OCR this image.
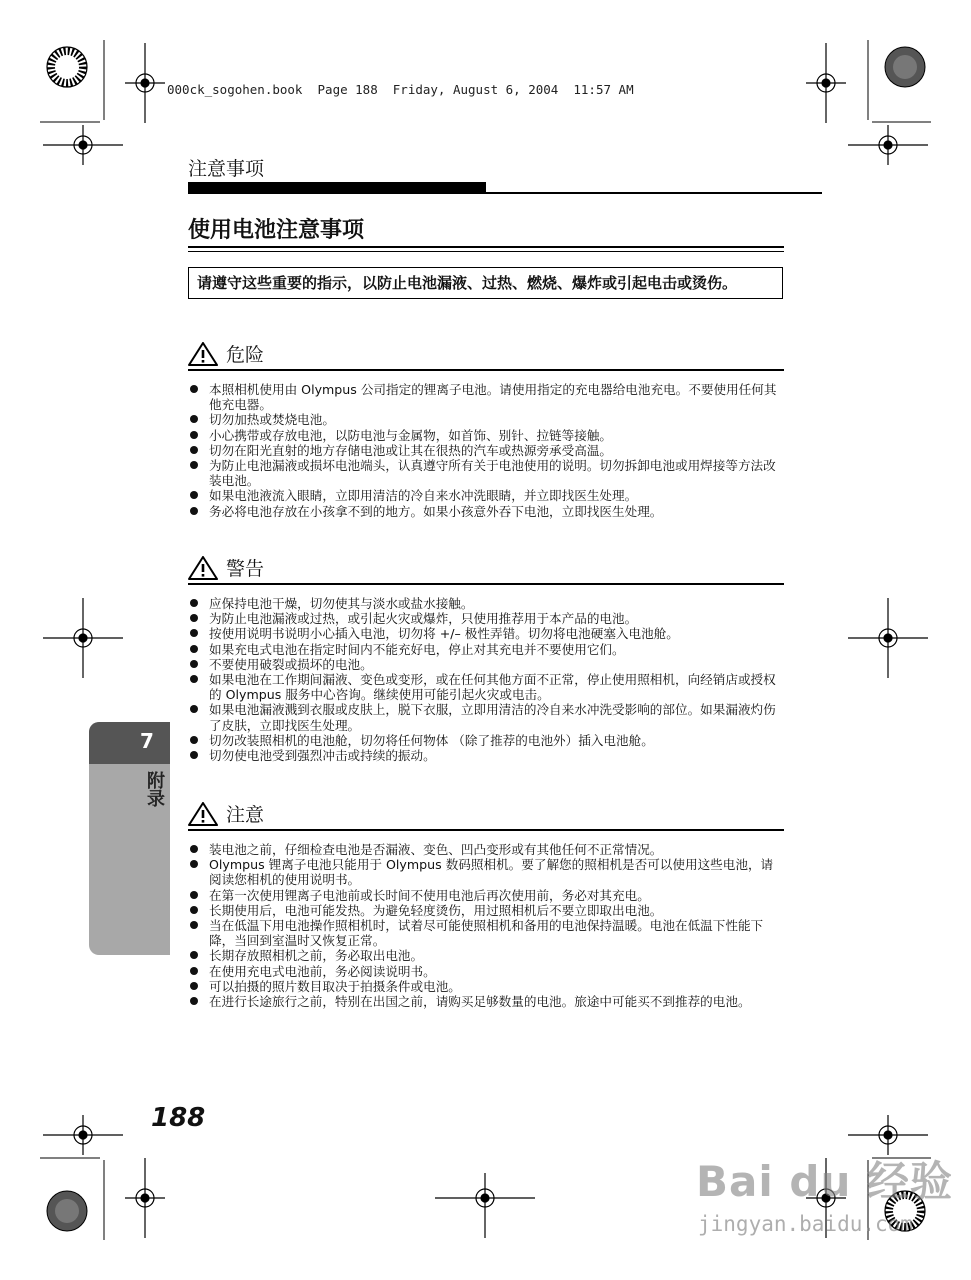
000ck_sogohen.book  Page 188  Friday, August 6, 2004  11:57 AM
注意事项
使用电池注意事项
请遵守这些重要的指示，以防止电池漏液、过热、燃烧、爆炸或引起电击或烫伤。
危险
本照相机使用由 Olympus 公司指定的锂离子电池。请使用指定的充电器给电池充电。不要使用任何其他充电器。
切勿加热或焚烧电池。
小心携带或存放电池，以防电池与金属物，如首饰、别针、拉链等接触。
切勿在阳光直射的地方存储电池或让其在很热的汽车或热源旁承受高温。
为防止电池漏液或损坏电池端头，认真遵守所有关于电池使用的说明。切勿拆卸电池或用焊接等方法改装电池。
如果电池液流入眼睛，立即用清洁的冷自来水冲洗眼睛，并立即找医生处理。
务必将电池存放在小孩拿不到的地方。如果小孩意外吞下电池，立即找医生处理。
警告
应保持电池干燥，切勿使其与淡水或盐水接触。
为防止电池漏液或过热，或引起火灾或爆炸，只使用推荐用于本产品的电池。
按使用说明书说明小心插入电池，切勿将 +/– 极性弄错。切勿将电池硬塞入电池舱。
如果充电式电池在指定时间内不能充好电，停止对其充电并不要使用它们。
不要使用破裂或损坏的电池。
如果电池在工作期间漏液、变色或变形，或在任何其他方面不正常，停止使用照相机，向经销店或授权的 Olympus 服务中心咨询。继续使用可能引起火灾或电击。
如果电池漏液溅到衣服或皮肤上，脱下衣服，立即用清洁的冷自来水冲洗受影响的部位。如果漏液灼伤了皮肤，立即找医生处理。
切勿改装照相机的电池舱，切勿将任何物体 （除了推荐的电池外）插入电池舱。
切勿使电池受到强烈冲击或持续的振动。
注意
装电池之前，仔细检查电池是否漏液、变色、凹凸变形或有其他任何不正常情况。
Olympus 锂离子电池只能用于 Olympus 数码照相机。要了解您的照相机是否可以使用这些电池，请阅读您相机的使用说明书。
在第一次使用锂离子电池前或长时间不使用电池后再次使用前，务必对其充电。
长期使用后，电池可能发热。为避免轻度烫伤，用过照相机后不要立即取出电池。
当在低温下用电池操作照相机时，试着尽可能使照相机和备用的电池保持温暖。电池在低温下性能下降，当回到室温时又恢复正常。
长期存放照相机之前，务必取出电池。
在使用充电式电池前，务必阅读说明书。
可以拍摄的照片数目取决于拍摄条件或电池。
在进行长途旅行之前，特别在出国之前，请购买足够数量的电池。旅途中可能买不到推荐的电池。
7
附录
188
Bai du 经验
jingyan.baidu.com
